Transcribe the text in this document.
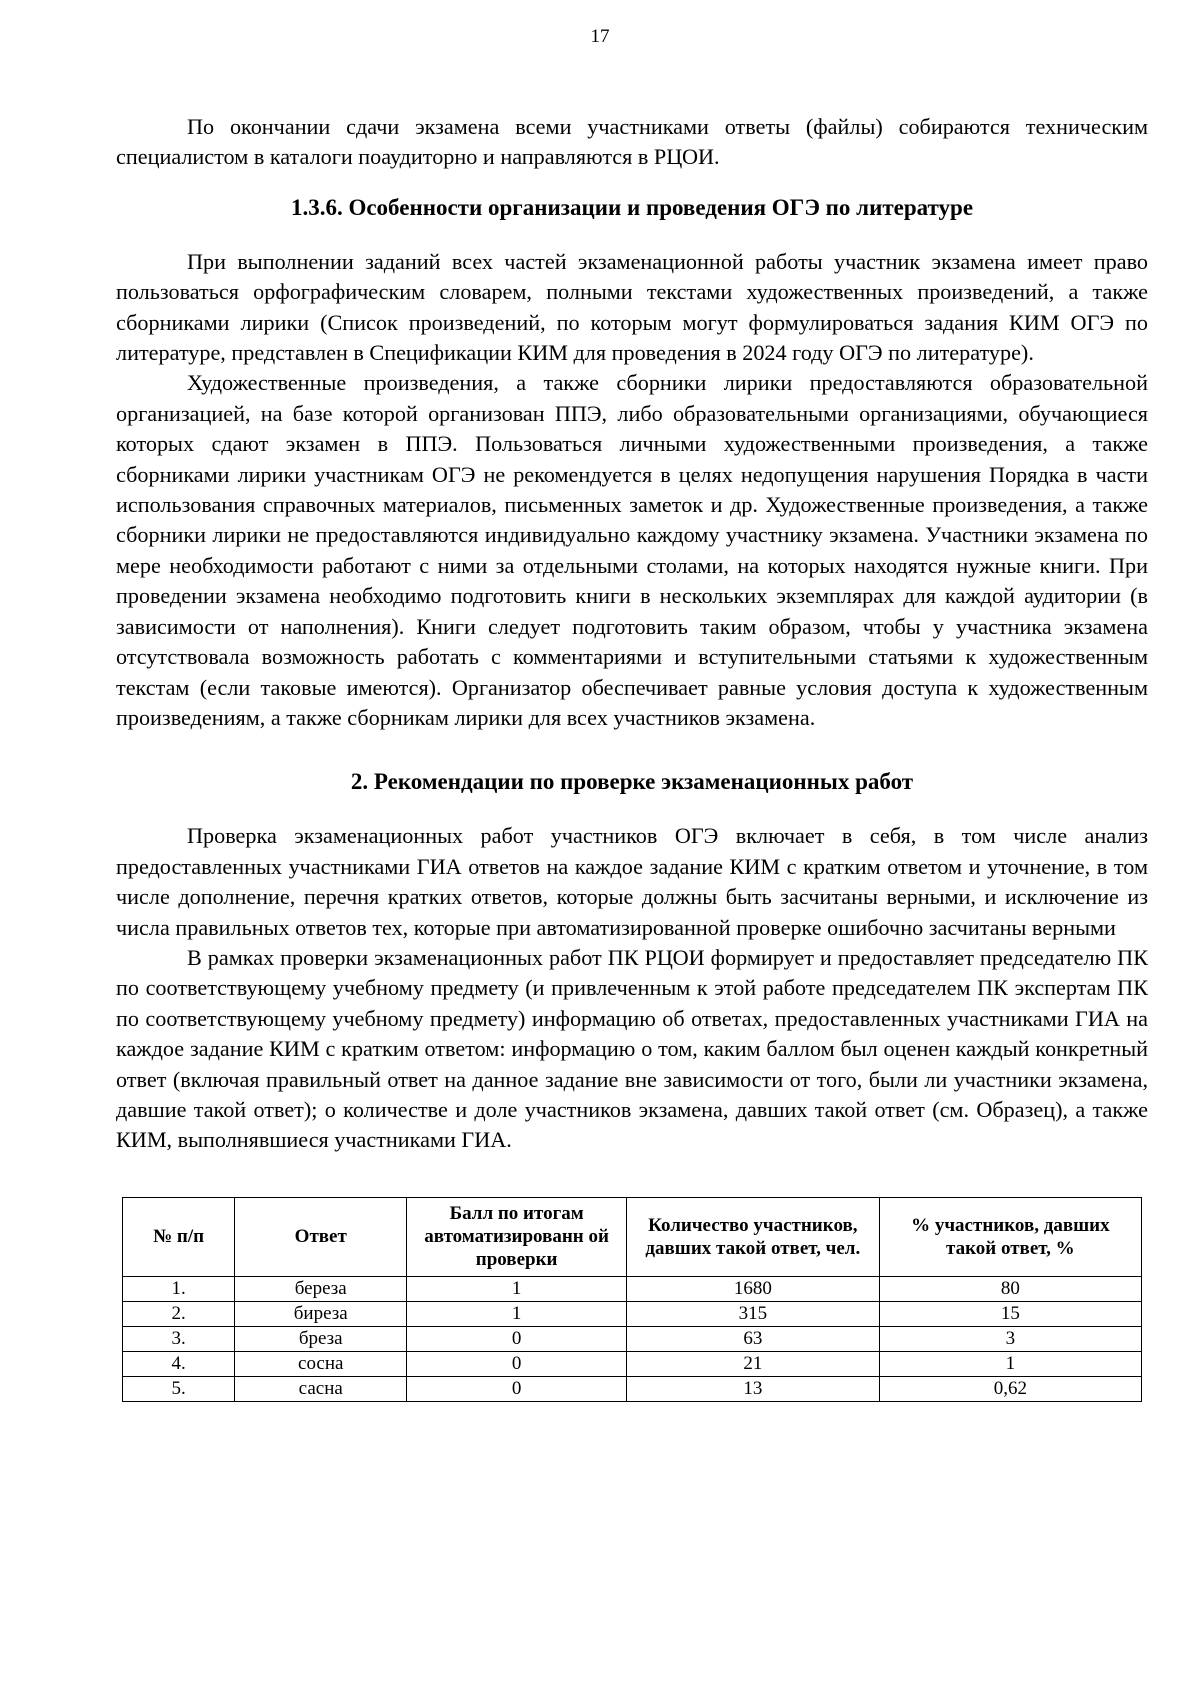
17

По окончании сдачи экзамена всеми участниками ответы (файлы) собираются техническим специалистом в каталоги поаудиторно и направляются в РЦОИ.

1.3.6. Особенности организации и проведения ОГЭ по литературе

При выполнении заданий всех частей экзаменационной работы участник экзамена имеет право пользоваться орфографическим словарем, полными текстами художественных произведений, а также сборниками лирики (Список произведений, по которым могут формулироваться задания КИМ ОГЭ по литературе, представлен в Спецификации КИМ для проведения в 2024 году ОГЭ по литературе).

Художественные произведения, а также сборники лирики предоставляются образовательной организацией, на базе которой организован ППЭ, либо образовательными организациями, обучающиеся которых сдают экзамен в ППЭ. Пользоваться личными художественными произведения, а также сборниками лирики участникам ОГЭ не рекомендуется в целях недопущения нарушения Порядка в части использования справочных материалов, письменных заметок и др. Художественные произведения, а также сборники лирики не предоставляются индивидуально каждому участнику экзамена. Участники экзамена по мере необходимости работают с ними за отдельными столами, на которых находятся нужные книги. При проведении экзамена необходимо подготовить книги в нескольких экземплярах для каждой аудитории (в зависимости от наполнения). Книги следует подготовить таким образом, чтобы у участника экзамена отсутствовала возможность работать с комментариями и вступительными статьями к художественным текстам (если таковые имеются). Организатор обеспечивает равные условия доступа к художественным произведениям, а также сборникам лирики для всех участников экзамена.

2. Рекомендации по проверке экзаменационных работ

Проверка экзаменационных работ участников ОГЭ включает в себя, в том числе анализ предоставленных участниками ГИА ответов на каждое задание КИМ с кратким ответом и уточнение, в том числе дополнение, перечня кратких ответов, которые должны быть засчитаны верными, и исключение из числа правильных ответов тех, которые при автоматизированной проверке ошибочно засчитаны верными

В рамках проверки экзаменационных работ ПК РЦОИ формирует и предоставляет председателю ПК по соответствующему учебному предмету (и привлеченным к этой работе председателем ПК экспертам ПК по соответствующему учебному предмету) информацию об ответах, предоставленных участниками ГИА на каждое задание КИМ с кратким ответом: информацию о том, каким баллом был оценен каждый конкретный ответ (включая правильный ответ на данное задание вне зависимости от того, были ли участники экзамена, давшие такой ответ); о количестве и доле участников экзамена, давших такой ответ (см. Образец), а также КИМ, выполнявшиеся участниками ГИА.

№ п/п	Ответ	Балл по итогам автоматизированн ой проверки	Количество участников, давших такой ответ, чел.	% участников, давших такой ответ, %
1.	береза	1	1680	80
2.	биреза	1	315	15
3.	бреза	0	63	3
4.	сосна	0	21	1
5.	сасна	0	13	0,62
